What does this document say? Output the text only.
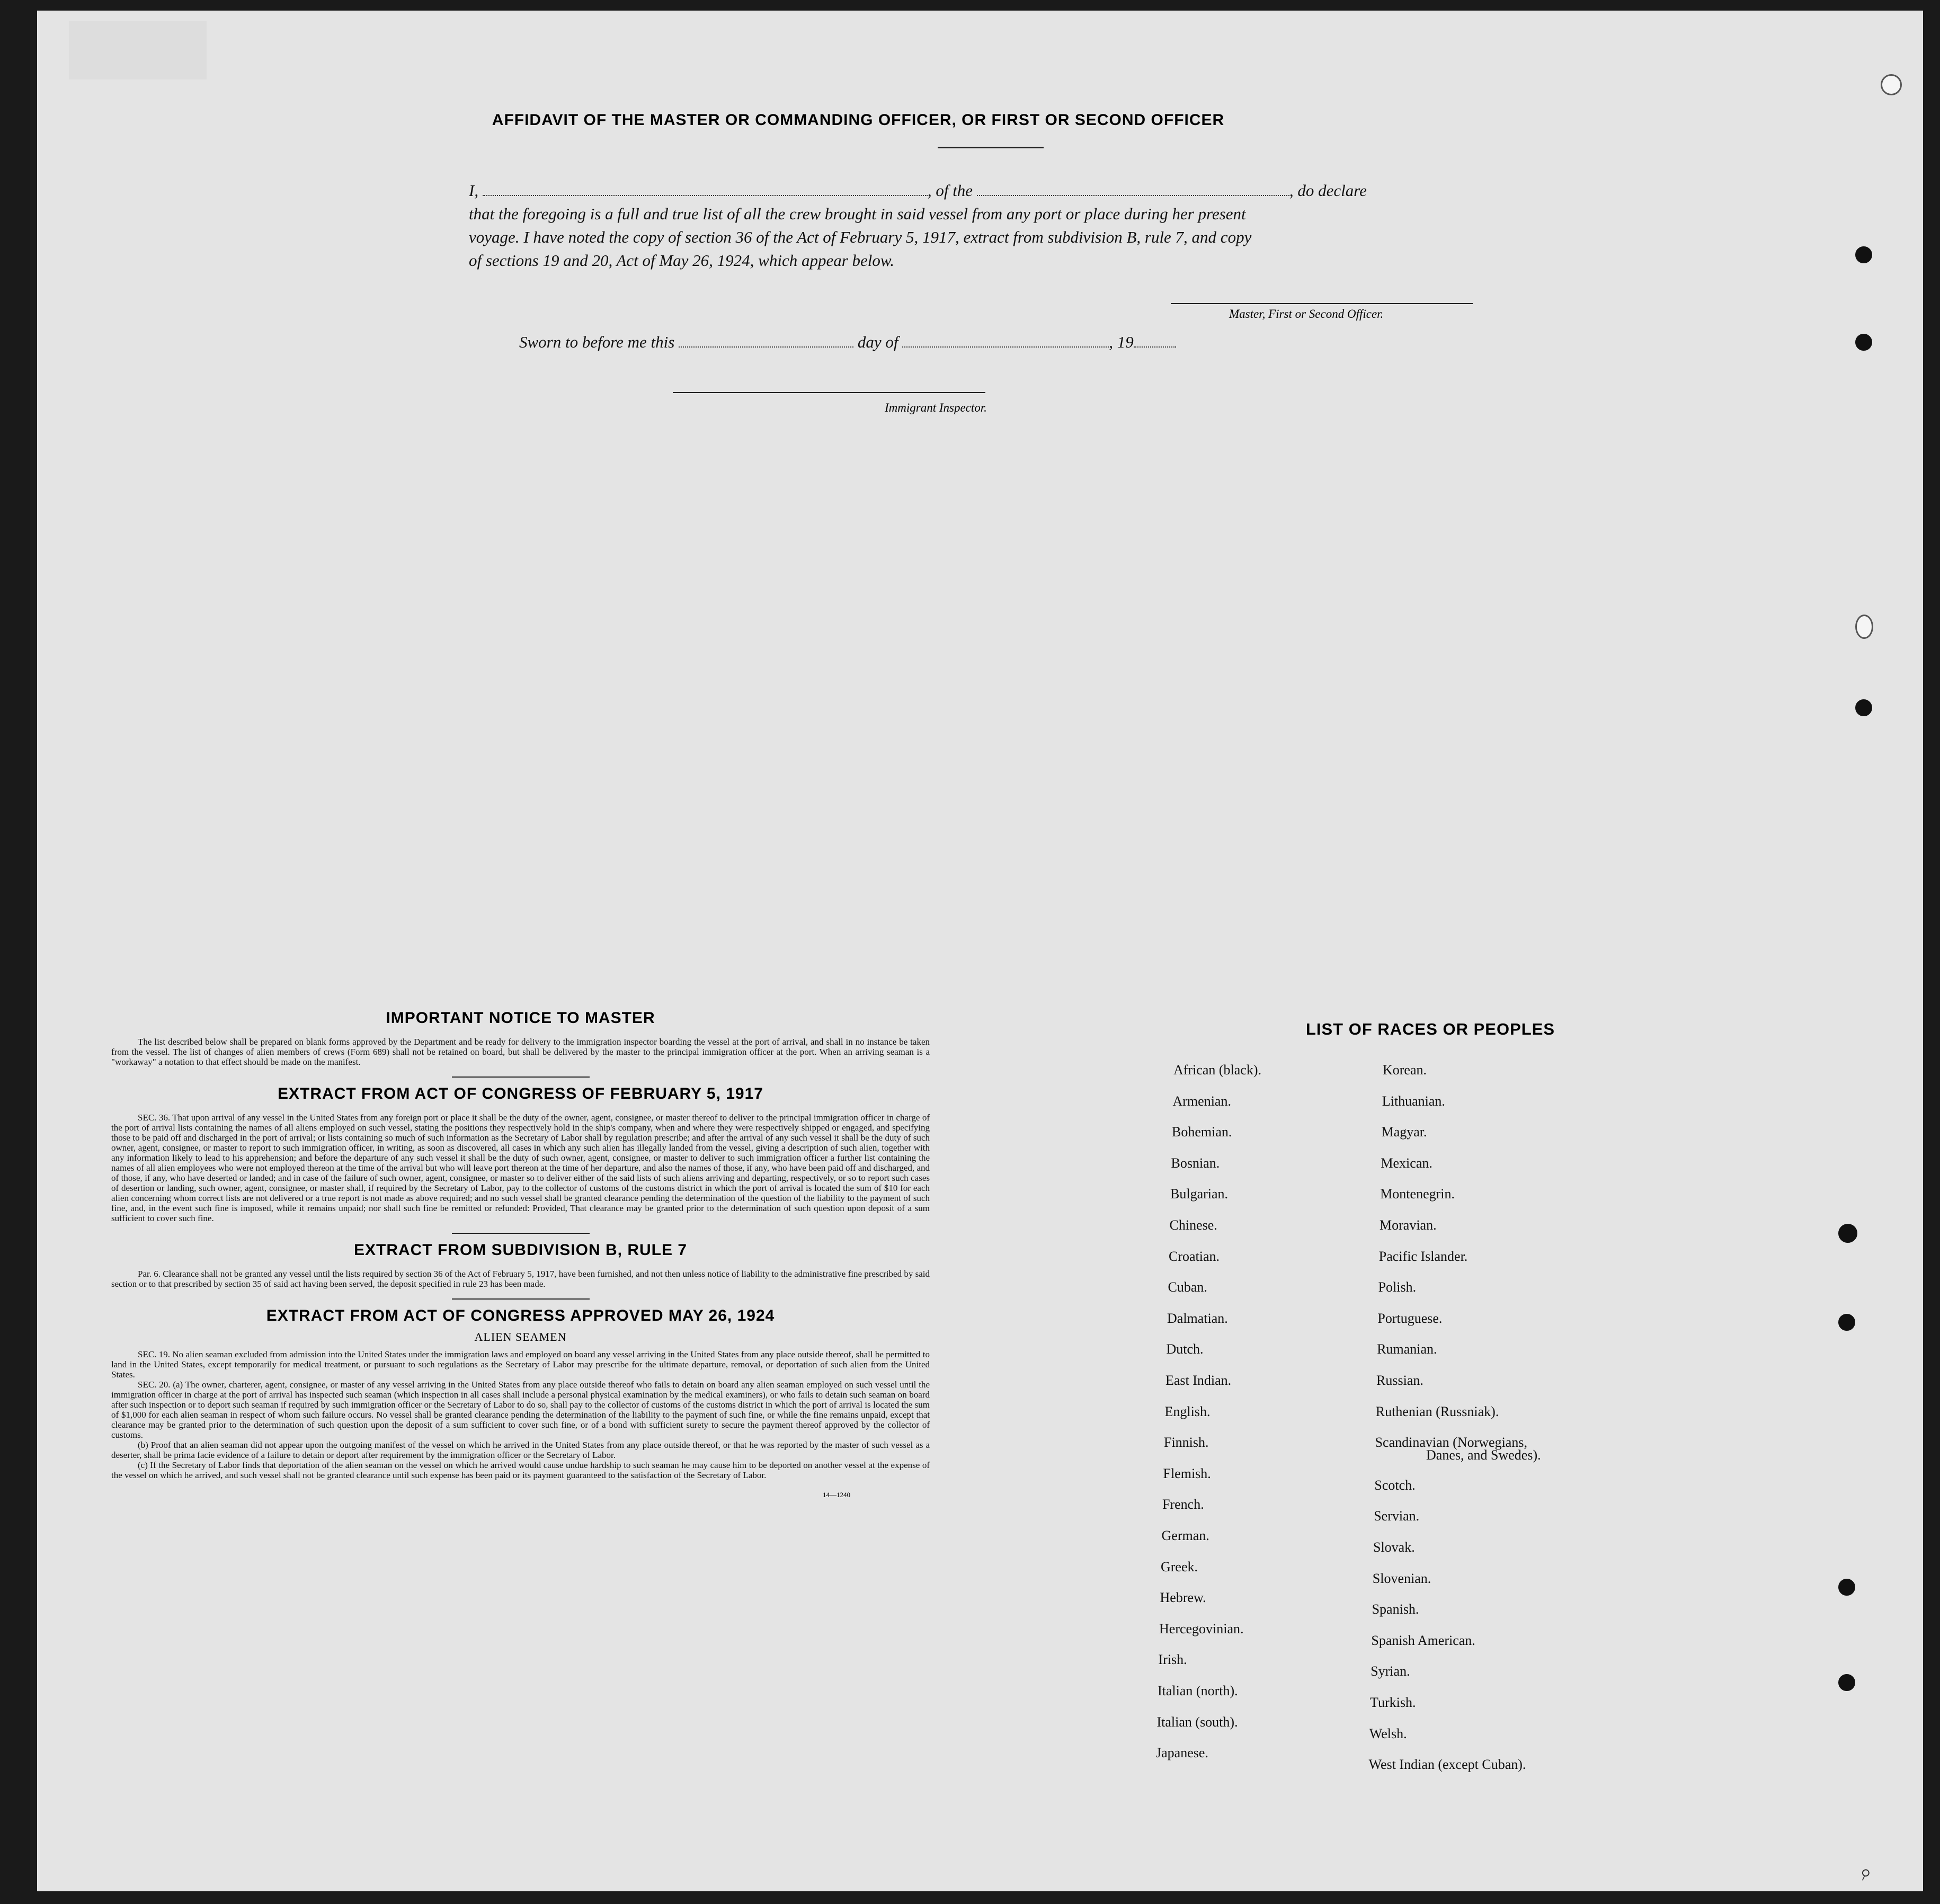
AFFIDAVIT OF THE MASTER OR COMMANDING OFFICER, OR FIRST OR SECOND OFFICER
I,	, of the	, do declare
that the foregoing is a full and true list of all the crew brought in said vessel from any port or place during her present
voyage. I have noted the copy of section 36 of the Act of February 5, 1917, extract from subdivision B, rule 7, and copy
of sections 19 and 20, Act of May 26, 1924, which appear below.
Master, First or Second Officer.
Sworn to before me this	day of	, 19
Immigrant Inspector.
IMPORTANT NOTICE TO MASTER
The list described below shall be prepared on blank forms approved by the Department and be ready for delivery to the immigration inspector boarding the vessel at the port of arrival, and shall in no instance be taken from the vessel. The list of changes of alien members of crews (Form 689) shall not be retained on board, but shall be delivered by the master to the principal immigration officer at the port. When an arriving seaman is a "workaway" a notation to that effect should be made on the manifest.
EXTRACT FROM ACT OF CONGRESS OF FEBRUARY 5, 1917
SEC. 36. That upon arrival of any vessel in the United States from any foreign port or place it shall be the duty of the owner, agent, consignee, or master thereof to deliver to the principal immigration officer in charge of the port of arrival lists containing the names of all aliens employed on such vessel, stating the positions they respectively hold in the ship's company, when and where they were respectively shipped or engaged, and specifying those to be paid off and discharged in the port of arrival; or lists containing so much of such information as the Secretary of Labor shall by regulation prescribe; and after the arrival of any such vessel it shall be the duty of such owner, agent, consignee, or master to report to such immigration officer, in writing, as soon as discovered, all cases in which any such alien has illegally landed from the vessel, giving a description of such alien, together with any information likely to lead to his apprehension; and before the departure of any such vessel it shall be the duty of such owner, agent, consignee, or master to deliver to such immigration officer a further list containing the names of all alien employees who were not employed thereon at the time of the arrival but who will leave port thereon at the time of her departure, and also the names of those, if any, who have been paid off and discharged, and of those, if any, who have deserted or landed; and in case of the failure of such owner, agent, consignee, or master so to deliver either of the said lists of such aliens arriving and departing, respectively, or so to report such cases of desertion or landing, such owner, agent, consignee, or master shall, if required by the Secretary of Labor, pay to the collector of customs of the customs district in which the port of arrival is located the sum of $10 for each alien concerning whom correct lists are not delivered or a true report is not made as above required; and no such vessel shall be granted clearance pending the determination of the question of the liability to the payment of such fine, and, in the event such fine is imposed, while it remains unpaid; nor shall such fine be remitted or refunded: Provided, That clearance may be granted prior to the determination of such question upon deposit of a sum sufficient to cover such fine.
EXTRACT FROM SUBDIVISION B, RULE 7
Par. 6. Clearance shall not be granted any vessel until the lists required by section 36 of the Act of February 5, 1917, have been furnished, and not then unless notice of liability to the administrative fine prescribed by said section or to that prescribed by section 35 of said act having been served, the deposit specified in rule 23 has been made.
EXTRACT FROM ACT OF CONGRESS APPROVED MAY 26, 1924
ALIEN SEAMEN
SEC. 19. No alien seaman excluded from admission into the United States under the immigration laws and employed on board any vessel arriving in the United States from any place outside thereof, shall be permitted to land in the United States, except temporarily for medical treatment, or pursuant to such regulations as the Secretary of Labor may prescribe for the ultimate departure, removal, or deportation of such alien from the United States.
SEC. 20. (a) The owner, charterer, agent, consignee, or master of any vessel arriving in the United States from any place outside thereof who fails to detain on board any alien seaman employed on such vessel until the immigration officer in charge at the port of arrival has inspected such seaman (which inspection in all cases shall include a personal physical examination by the medical examiners), or who fails to detain such seaman on board after such inspection or to deport such seaman if required by such immigration officer or the Secretary of Labor to do so, shall pay to the collector of customs of the customs district in which the port of arrival is located the sum of $1,000 for each alien seaman in respect of whom such failure occurs. No vessel shall be granted clearance pending the determination of the liability to the payment of such fine, or while the fine remains unpaid, except that clearance may be granted prior to the determination of such question upon the deposit of a sum sufficient to cover such fine, or of a bond with sufficient surety to secure the payment thereof approved by the collector of customs.
(b) Proof that an alien seaman did not appear upon the outgoing manifest of the vessel on which he arrived in the United States from any place outside thereof, or that he was reported by the master of such vessel as a deserter, shall be prima facie evidence of a failure to detain or deport after requirement by the immigration officer or the Secretary of Labor.
(c) If the Secretary of Labor finds that deportation of the alien seaman on the vessel on which he arrived would cause undue hardship to such seaman he may cause him to be deported on another vessel at the expense of the vessel on which he arrived, and such vessel shall not be granted clearance until such expense has been paid or its payment guaranteed to the satisfaction of the Secretary of Labor.
14—1240
LIST OF RACES OR PEOPLES
Danes, and Swedes).
⌕
African (black).
Armenian.
Bohemian.
Bosnian.
Bulgarian.
Chinese.
Croatian.
Cuban.
Dalmatian.
Dutch.
East Indian.
English.
Finnish.
Flemish.
French.
German.
Greek.
Hebrew.
Hercegovinian.
Irish.
Italian (north).
Italian (south).
Japanese.
Korean.
Lithuanian.
Magyar.
Mexican.
Montenegrin.
Moravian.
Pacific Islander.
Polish.
Portuguese.
Rumanian.
Russian.
Ruthenian (Russniak).
Scandinavian (Norwegians,
Scotch.
Servian.
Slovak.
Slovenian.
Spanish.
Spanish American.
Syrian.
Turkish.
Welsh.
West Indian (except Cuban).
